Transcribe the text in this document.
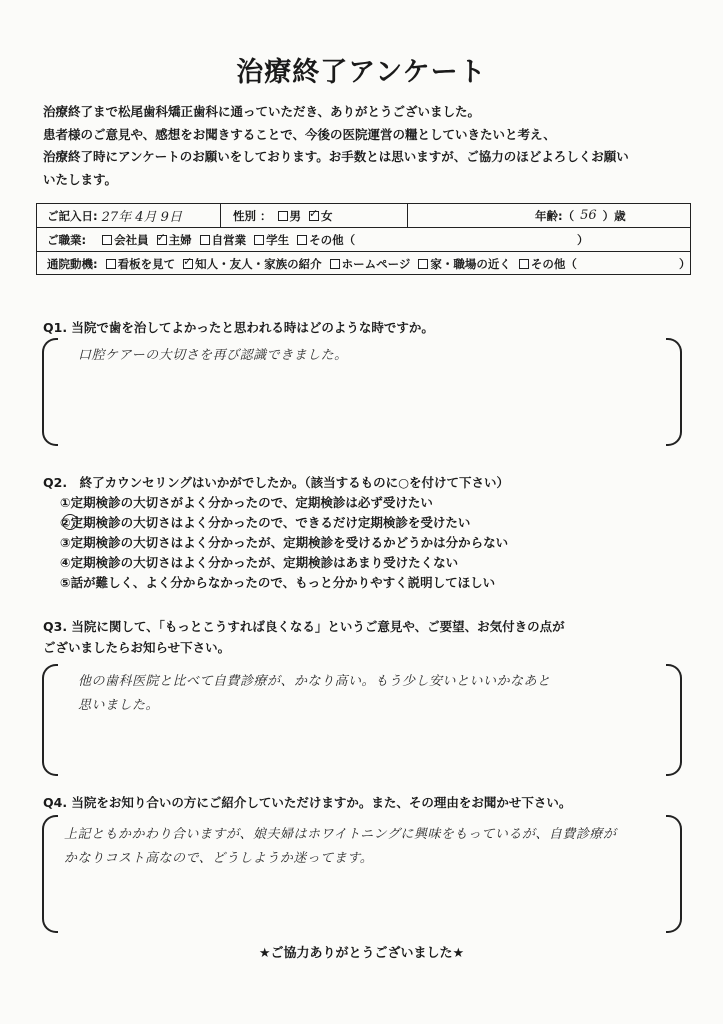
治療終了アンケート
治療終了まで松尾歯科矯正歯科に通っていただき、ありがとうございました。
患者様のご意見や、感想をお聞きすることで、今後の医院運営の糧としていきたいと考え、
治療終了時にアンケートのお願いをしております。お手数とは思いますが、ご協力のほどよろしくお願い
いたします。
ご記入日: 27年 4月 9日	性別 ：	男 ✓	女	年齢:（ 56 ）歳
ご職業:	会社員 ✓	主婦	自営業	学生	その他（	）
通院動機:	看板を見て ✓	知人・友人・家族の紹介	ホームページ	家・職場の近く	その他（	）
Q1. 当院で歯を治してよかったと思われる時はどのような時ですか。
口腔ケアーの大切さを再び認識できました。
Q2.　終了カウンセリングはいかがでしたか。（該当するものに○を付けて下さい）
①定期検診の大切さがよく分かったので、定期検診は必ず受けたい
②定期検診の大切さはよく分かったので、できるだけ定期検診を受けたい
③定期検診の大切さはよく分かったが、定期検診を受けるかどうかは分からない
④定期検診の大切さはよく分かったが、定期検診はあまり受けたくない
⑤話が難しく、よく分からなかったので、もっと分かりやすく説明してほしい
Q3. 当院に関して、「もっとこうすれば良くなる」というご意見や、ご要望、お気付きの点が
ございましたらお知らせ下さい。
他の歯科医院と比べて自費診療が、かなり高い。もう少し安いといいかなあと
思いました。
Q4. 当院をお知り合いの方にご紹介していただけますか。また、その理由をお聞かせ下さい。
上記ともかかわり合いますが、娘夫婦はホワイトニングに興味をもっているが、自費診療が
かなりコスト高なので、どうしようか迷ってます。
★ご協力ありがとうございました★
